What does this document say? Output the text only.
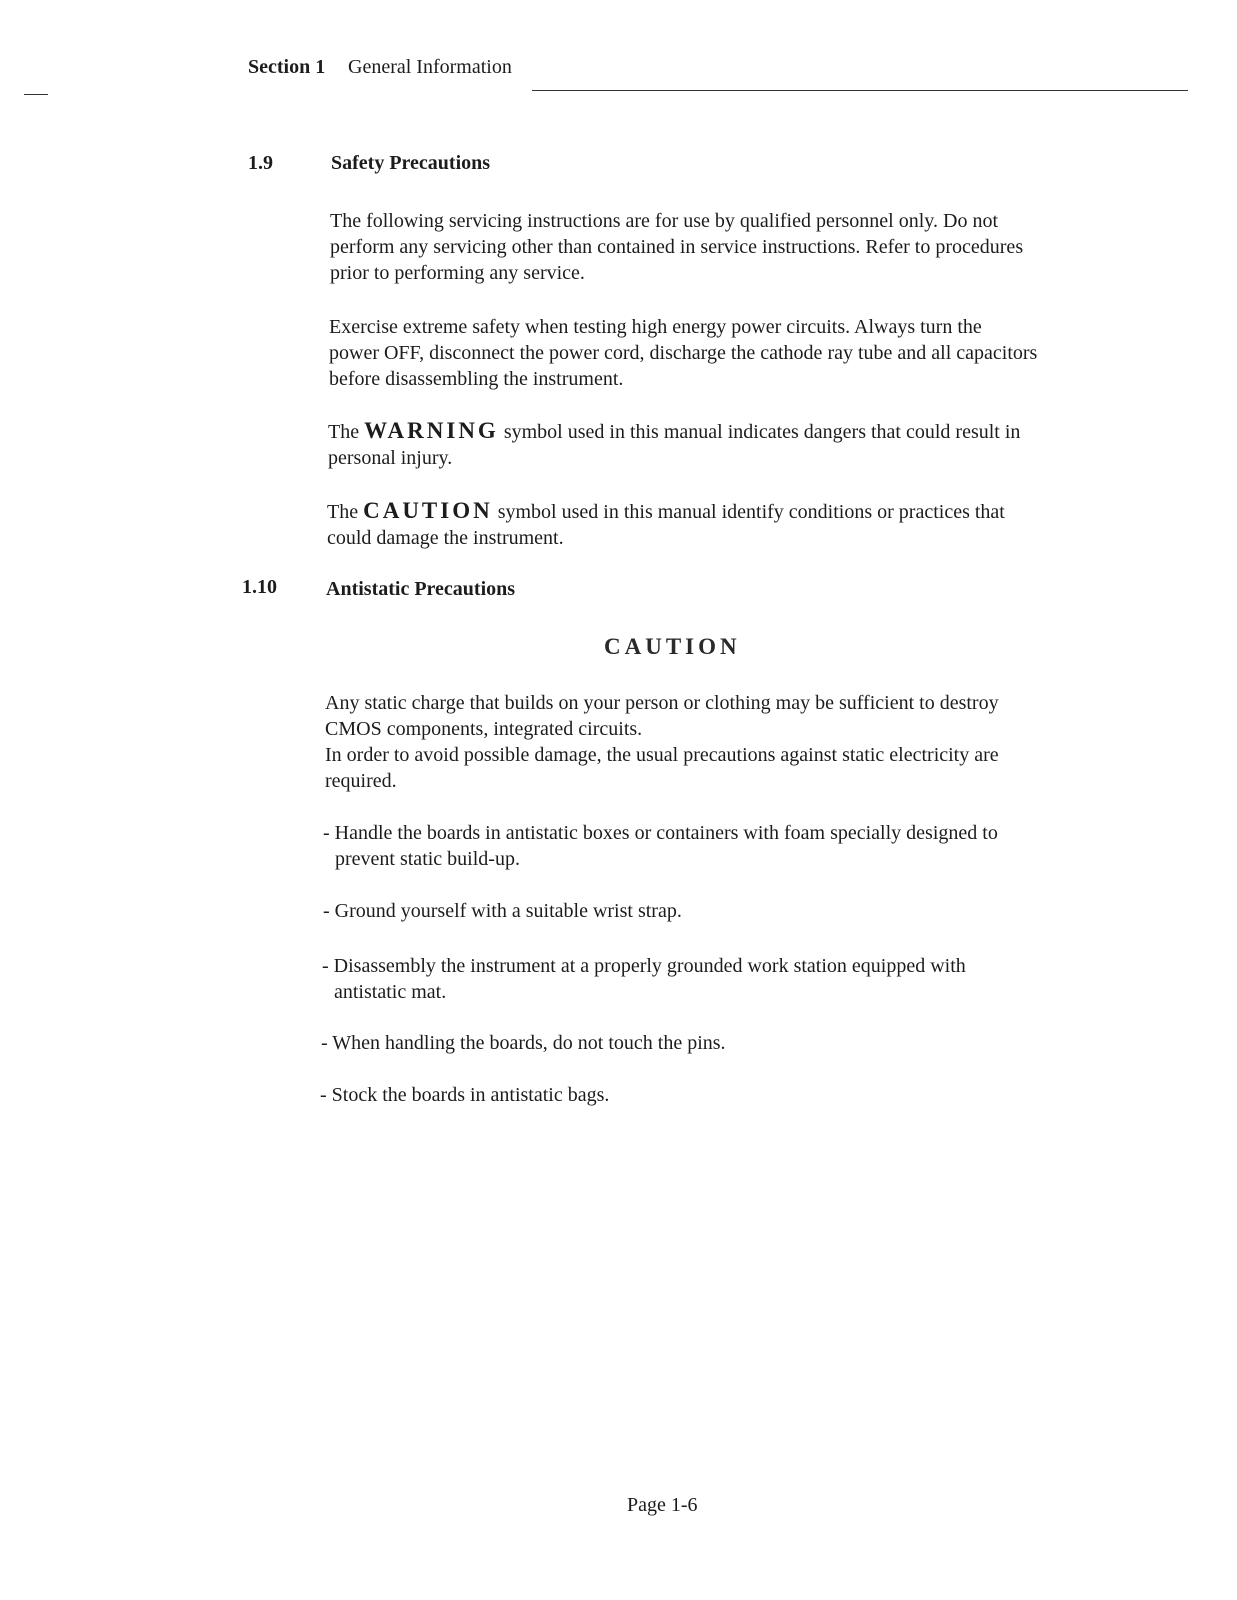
Section 1 General Information
1.9	Safety Precautions
The following servicing instructions are for use by qualified personnel only. Do not
perform any servicing other than contained in service instructions. Refer to procedures
prior to performing any service.
Exercise extreme safety when testing high energy power circuits. Always turn the
power OFF, disconnect the power cord, discharge the cathode ray tube and all capacitors
before disassembling the instrument.
The WARNING symbol used in this manual indicates dangers that could result in
personal injury.
The CAUTION symbol used in this manual identify conditions or practices that
could damage the instrument.
1.10 Antistatic Precautions
CAUTION
Any static charge that builds on your person or clothing may be sufficient to destroy
CMOS components, integrated circuits.
In order to avoid possible damage, the usual precautions against static electricity are
required.
- Handle the boards in antistatic boxes or containers with foam specially designed to
prevent static build-up.
- Ground yourself with a suitable wrist strap.
- Disassembly the instrument at a properly grounded work station equipped with
antistatic mat.
- When handling the boards, do not touch the pins.
- Stock the boards in antistatic bags.
Page 1-6
